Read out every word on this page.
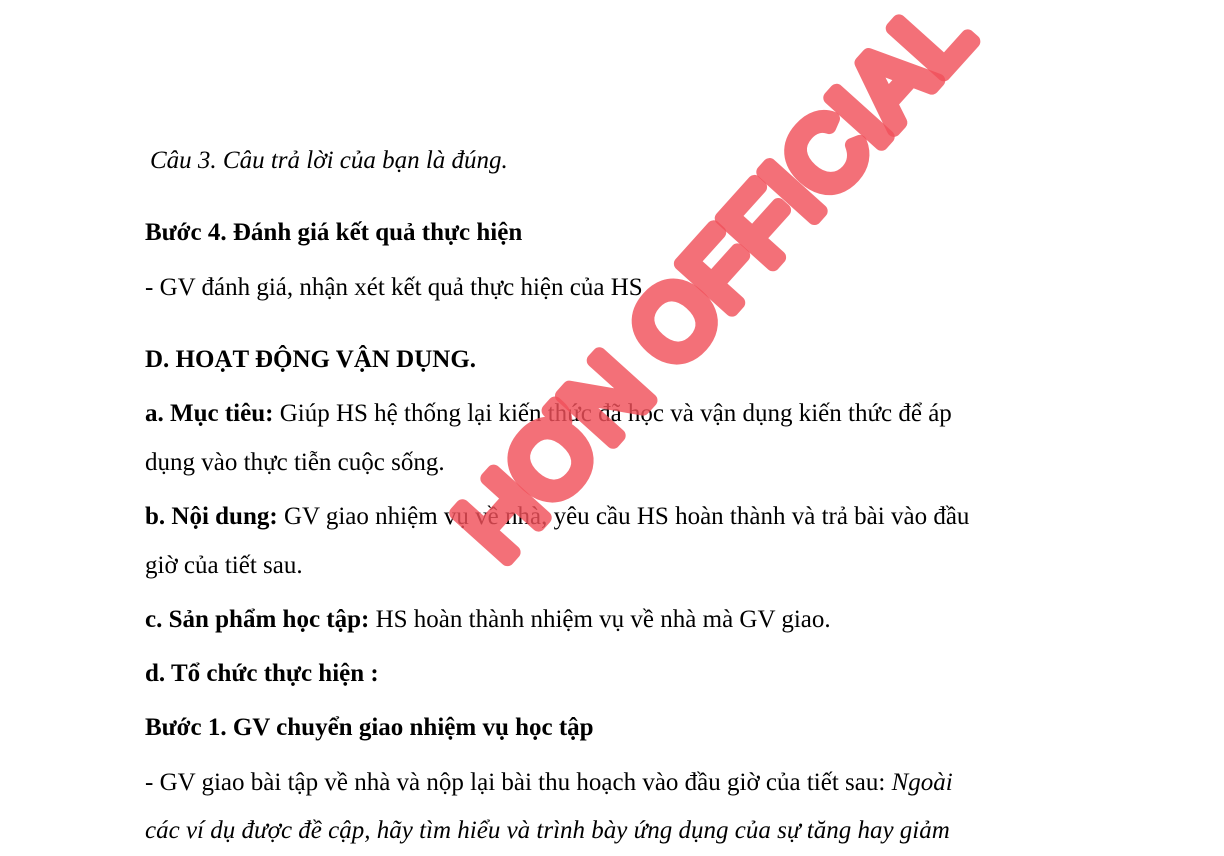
Câu 3. Câu trả lời của bạn là đúng.
Bước 4. Đánh giá kết quả thực hiện
- GV đánh giá, nhận xét kết quả thực hiện của HS
D. HOẠT ĐỘNG VẬN DỤNG.
a. Mục tiêu: Giúp HS hệ thống lại kiến thức đã học và vận dụng kiến thức để áp
dụng vào thực tiễn cuộc sống.
b. Nội dung: GV giao nhiệm vụ về nhà, yêu cầu HS hoàn thành và trả bài vào đầu
giờ của tiết sau.
c. Sản phẩm học tập: HS hoàn thành nhiệm vụ về nhà mà GV giao.
d. Tổ chức thực hiện :
Bước 1. GV chuyển giao nhiệm vụ học tập
- GV giao bài tập về nhà và nộp lại bài thu hoạch vào đầu giờ của tiết sau: Ngoài
các ví dụ được đề cập, hãy tìm hiểu và trình bày ứng dụng của sự tăng hay giảm
